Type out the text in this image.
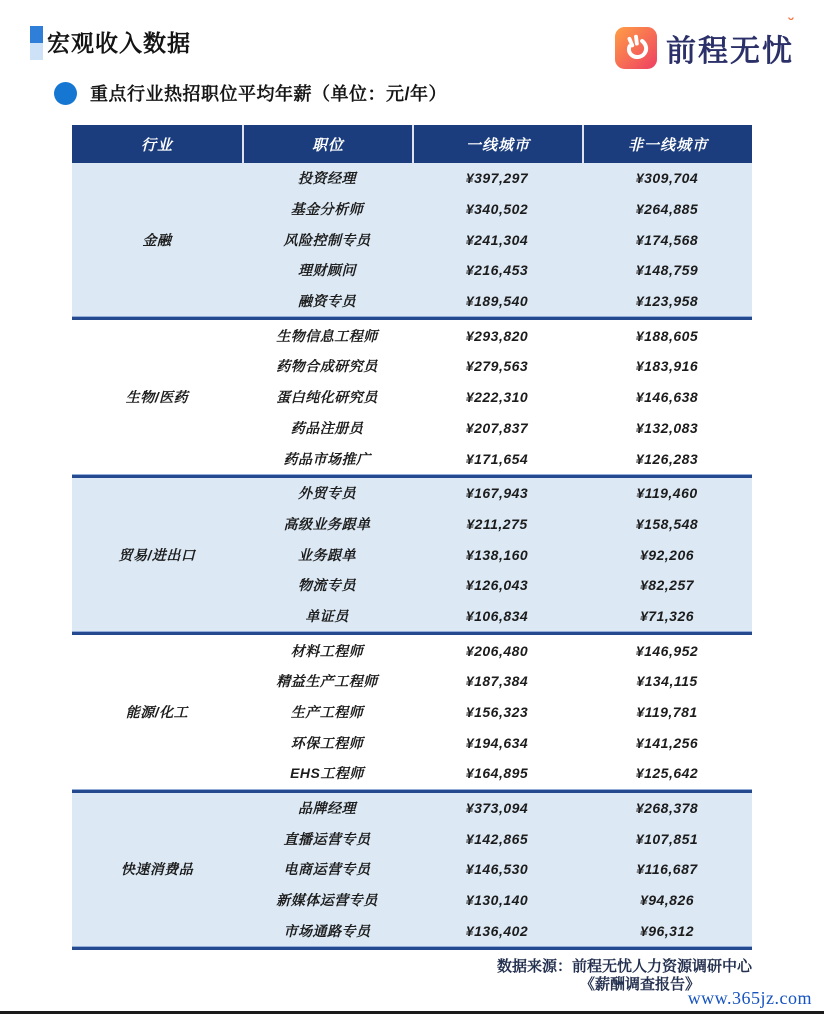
宏观收入数据	前程无忧
˘
重点行业热招职位平均年薪（单位：元/年）
行业	职位	一线城市	非一线城市
金融
投资经理	¥397,297	¥309,704
基金分析师	¥340,502	¥264,885
风险控制专员	¥241,304	¥174,568
理财顾问	¥216,453	¥148,759
融资专员	¥189,540	¥123,958
生物/医药
生物信息工程师	¥293,820	¥188,605
药物合成研究员	¥279,563	¥183,916
蛋白纯化研究员	¥222,310	¥146,638
药品注册员	¥207,837	¥132,083
药品市场推广	¥171,654	¥126,283
贸易/进出口
外贸专员	¥167,943	¥119,460
高级业务跟单	¥211,275	¥158,548
业务跟单	¥138,160	¥92,206
物流专员	¥126,043	¥82,257
单证员	¥106,834	¥71,326
能源/化工
材料工程师	¥206,480	¥146,952
精益生产工程师	¥187,384	¥134,115
生产工程师	¥156,323	¥119,781
环保工程师	¥194,634	¥141,256
EHS工程师	¥164,895	¥125,642
快速消费品
品牌经理	¥373,094	¥268,378
直播运营专员	¥142,865	¥107,851
电商运营专员	¥146,530	¥116,687
新媒体运营专员	¥130,140	¥94,826
市场通路专员	¥136,402	¥96,312
数据来源：前程无忧人力资源调研中心
《薪酬调查报告》
www.365jz.com
